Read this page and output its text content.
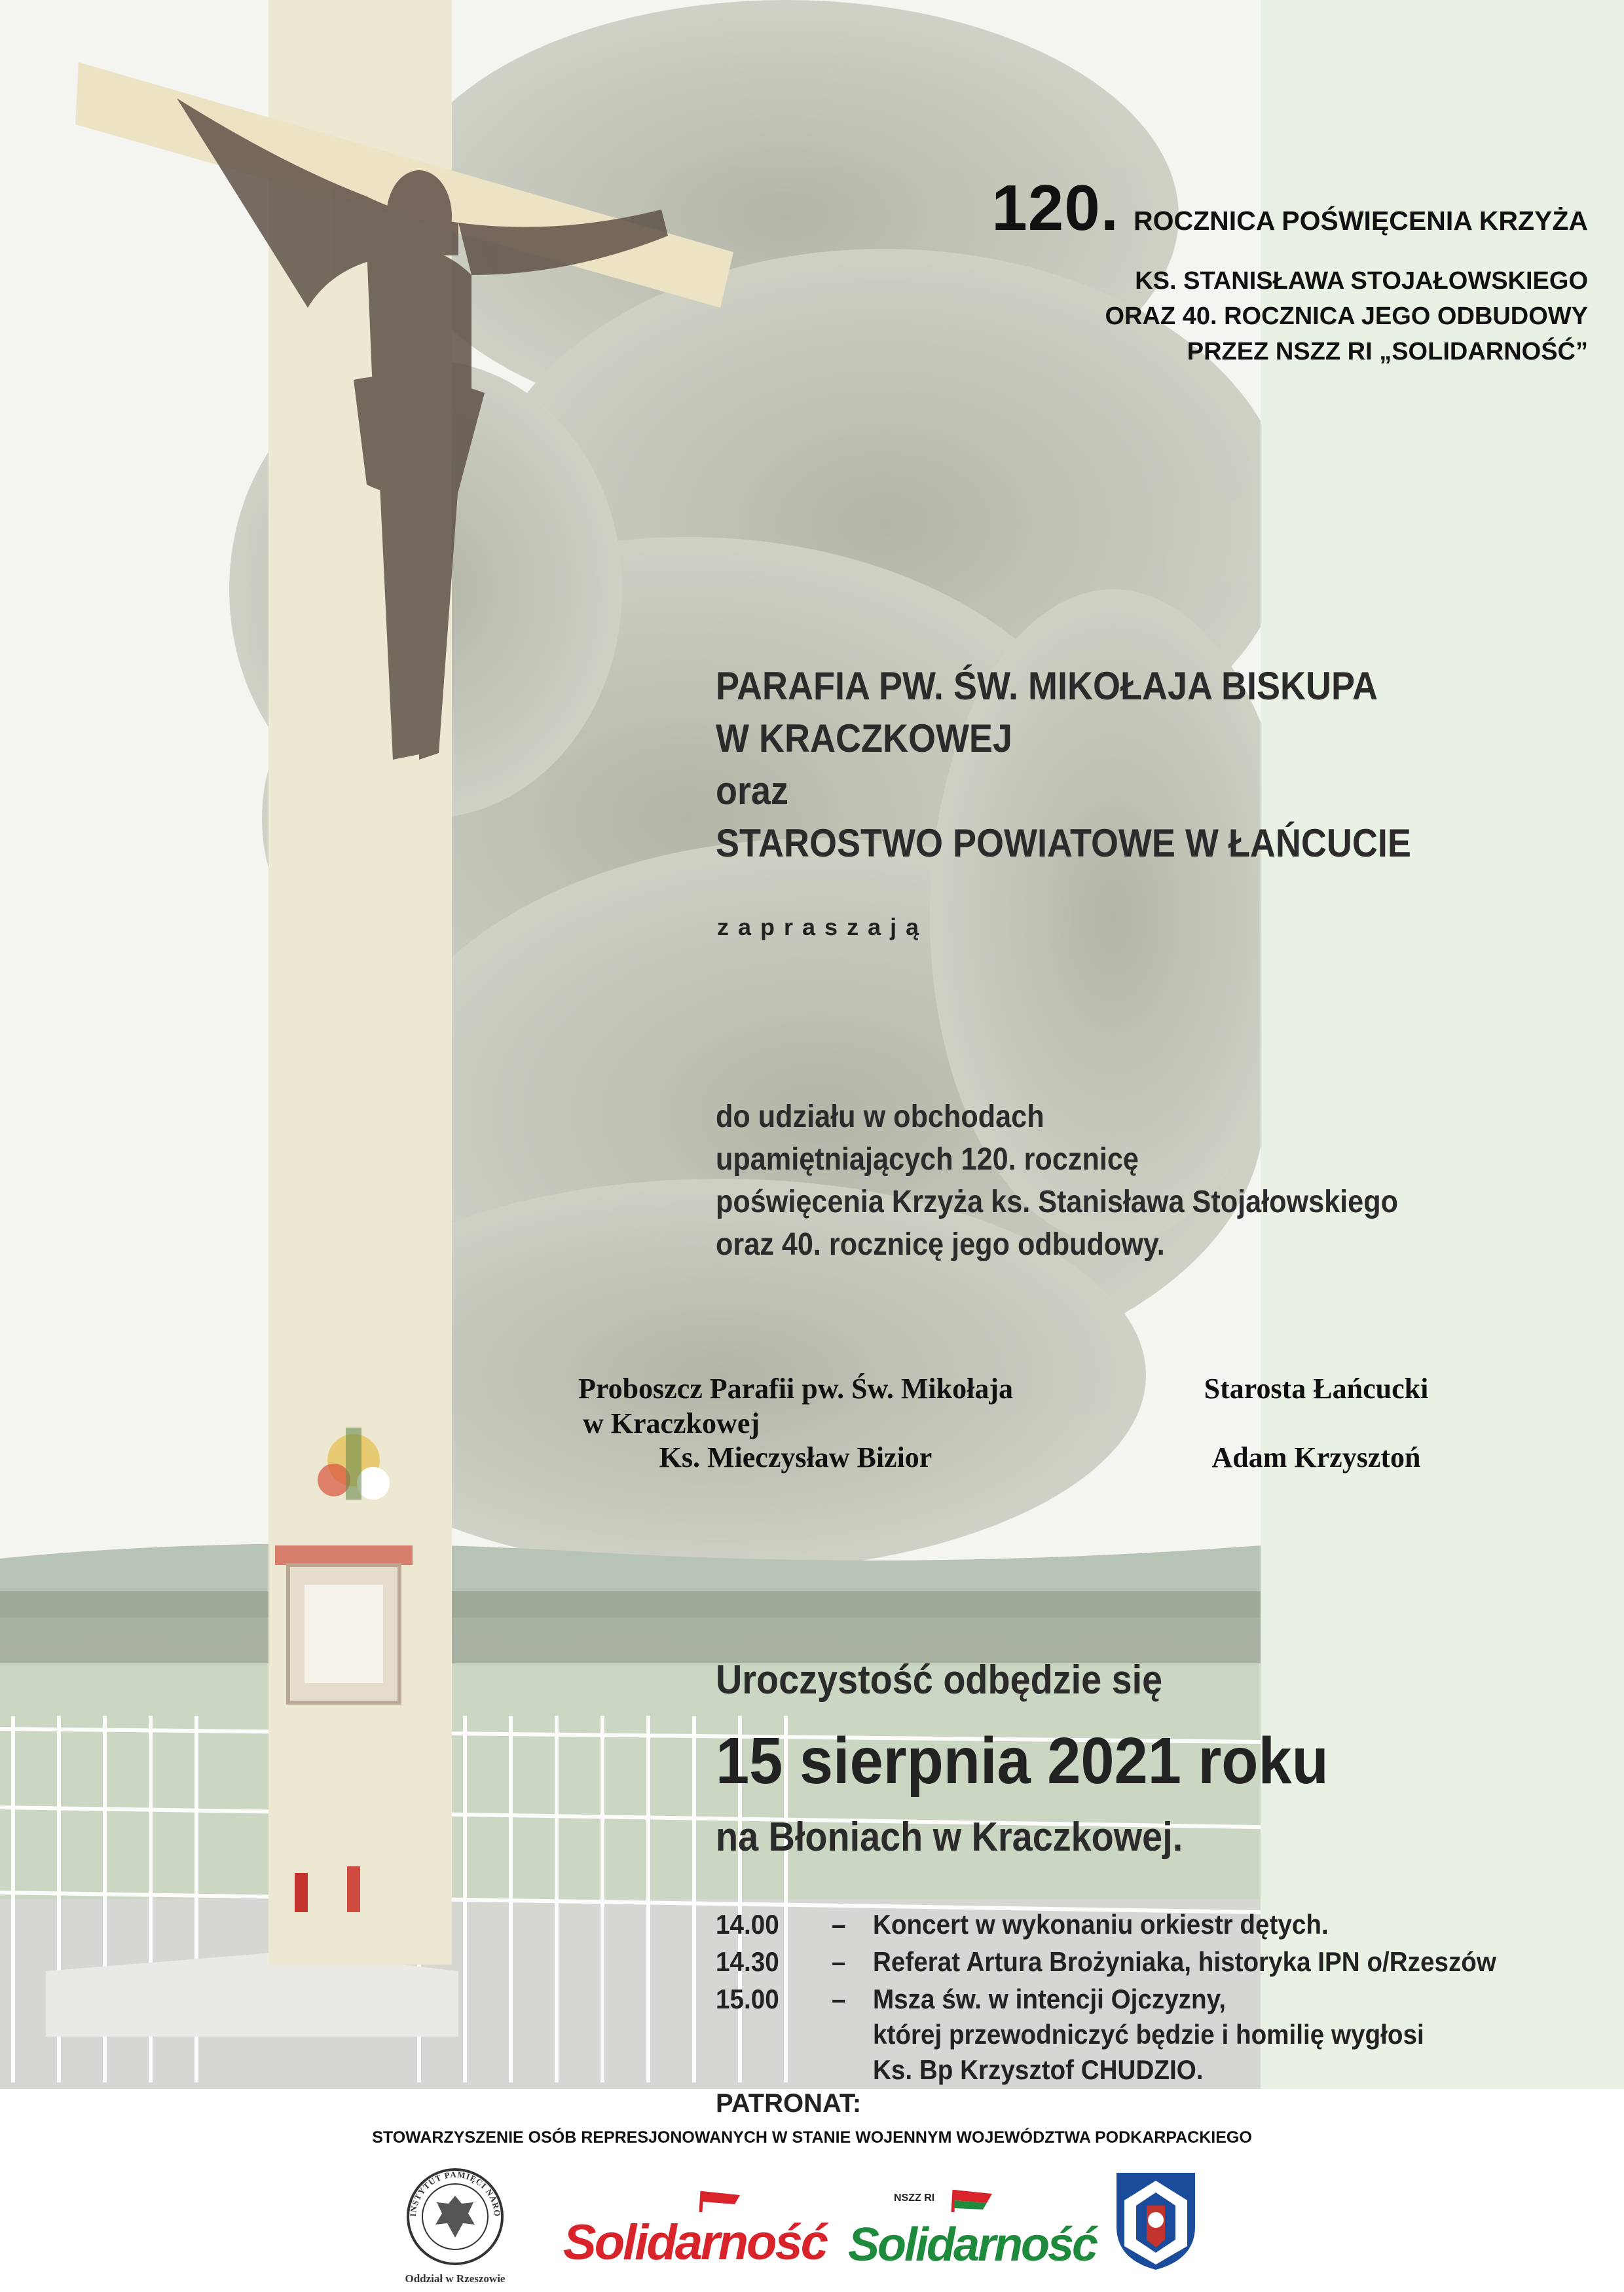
120. ROCZNICA POŚWIĘCENIA KRZYŻA
KS. STANISŁAWA STOJAŁOWSKIEGO
ORAZ 40. ROCZNICA JEGO ODBUDOWY
PRZEZ NSZZ RI „SOLIDARNOŚĆ”
PARAFIA PW. ŚW. MIKOŁAJA BISKUPA
W KRACZKOWEJ
oraz
STAROSTWO POWIATOWE W ŁAŃCUCIE
zapraszają
do udziału w obchodach
upamiętniających 120. rocznicę
poświęcenia Krzyża ks. Stanisława Stojałowskiego
oraz 40. rocznicę jego odbudowy.
Proboszcz Parafii pw. Św. Mikołaja
w Kraczkowej
Ks. Mieczysław Bizior
Starosta Łańcucki
Adam Krzysztoń
Uroczystość odbędzie się
15 sierpnia 2021 roku
na Błoniach w Kraczkowej.
14.00 – Koncert w wykonaniu orkiestr dętych.
14.30 – Referat Artura Brożyniaka, historyka IPN o/Rzeszów
15.00 – Msza św. w intencji Ojczyzny,
której przewodniczyć będzie i homilię wygłosi
Ks. Bp Krzysztof CHUDZIO.
PATRONAT:
STOWARZYSZENIE OSÓB REPRESJONOWANYCH W STANIE WOJENNYM WOJEWÓDZTWA PODKARPACKIEGO
INSTYTUT PAMIĘCI NARO
Oddział w Rzeszowie
Solidarność
NSZZ RI
Solidarność
